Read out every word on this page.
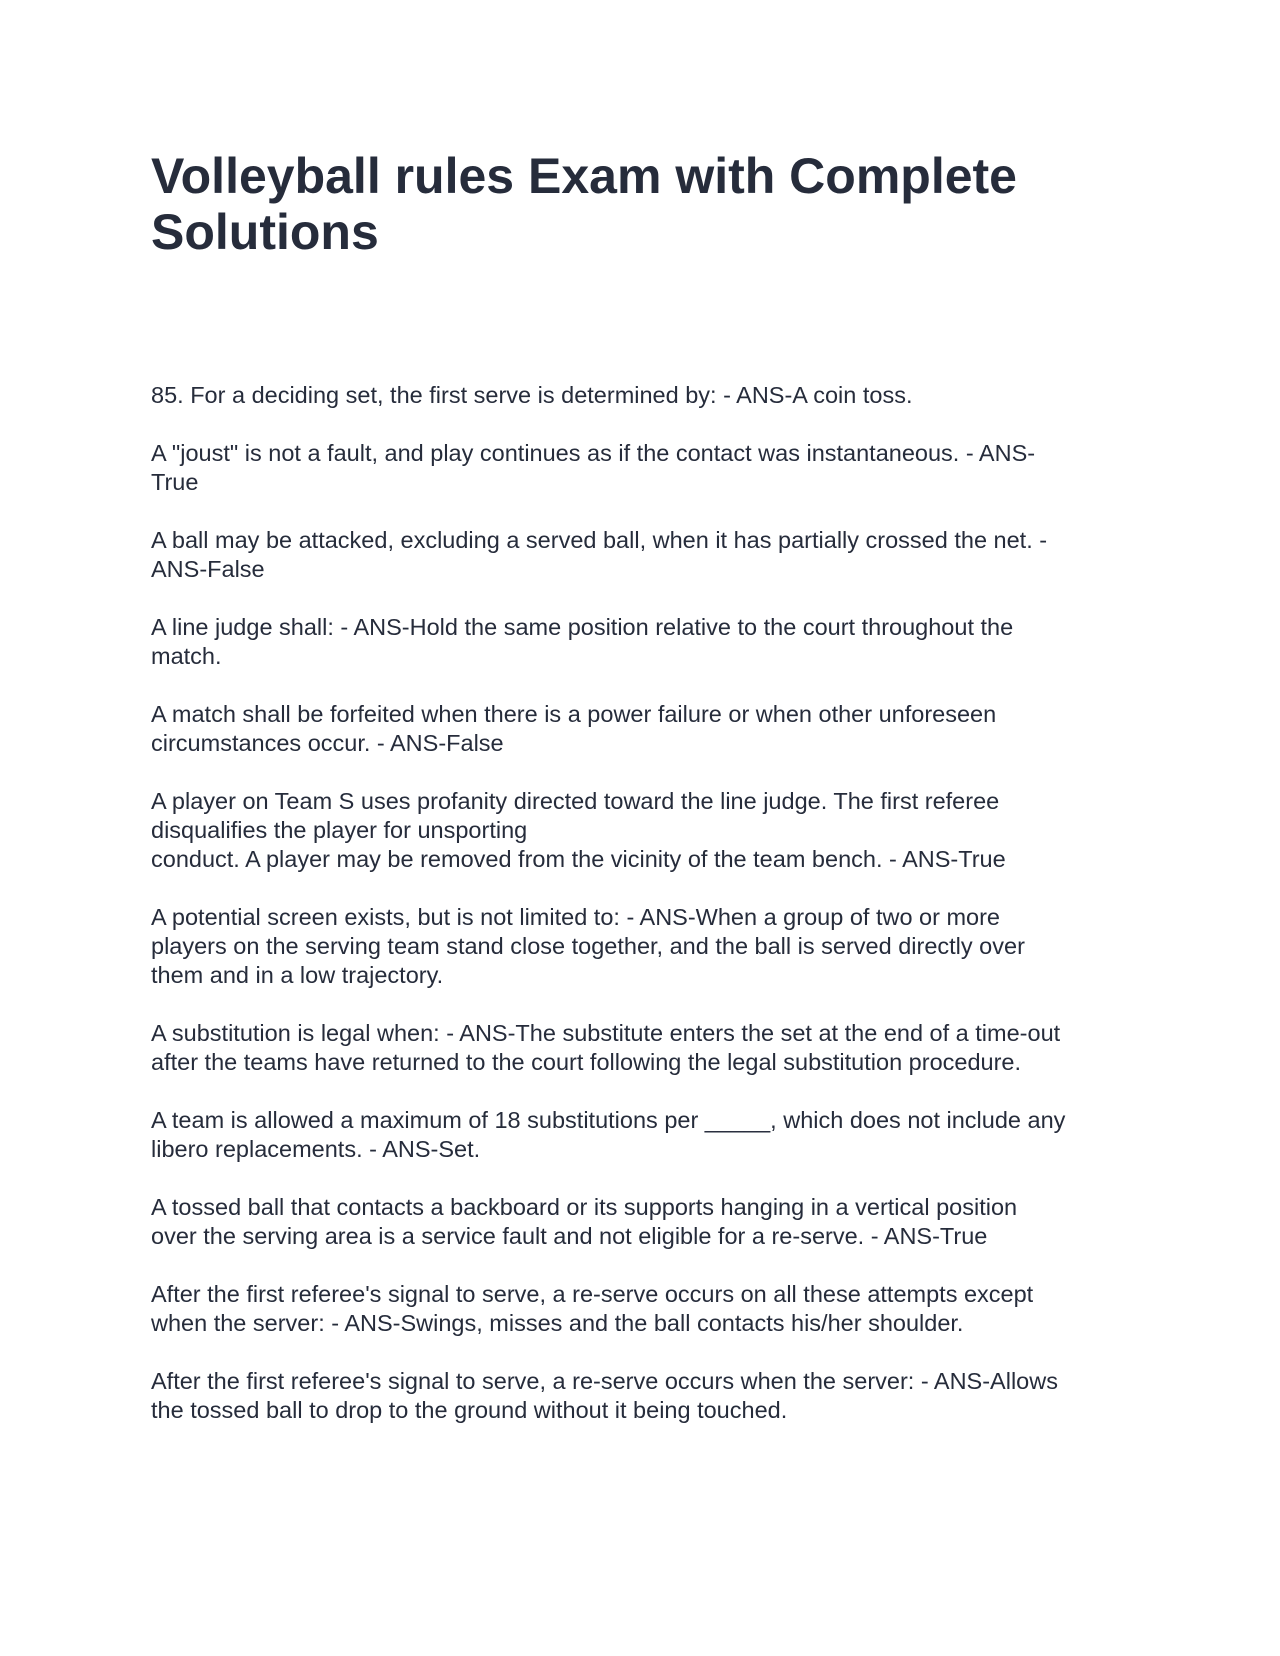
Volleyball rules Exam with Complete Solutions
85. For a deciding set, the first serve is determined by: - ANS-A coin toss.
A "joust" is not a fault, and play continues as if the contact was instantaneous. - ANS-
True
A ball may be attacked, excluding a served ball, when it has partially crossed the net. -
ANS-False
A line judge shall: - ANS-Hold the same position relative to the court throughout the
match.
A match shall be forfeited when there is a power failure or when other unforeseen
circumstances occur. - ANS-False
A player on Team S uses profanity directed toward the line judge. The first referee
disqualifies the player for unsporting
conduct. A player may be removed from the vicinity of the team bench. - ANS-True
A potential screen exists, but is not limited to: - ANS-When a group of two or more
players on the serving team stand close together, and the ball is served directly over
them and in a low trajectory.
A substitution is legal when: - ANS-The substitute enters the set at the end of a time-out
after the teams have returned to the court following the legal substitution procedure.
A team is allowed a maximum of 18 substitutions per _____, which does not include any
libero replacements. - ANS-Set.
A tossed ball that contacts a backboard or its supports hanging in a vertical position
over the serving area is a service fault and not eligible for a re-serve. - ANS-True
After the first referee's signal to serve, a re-serve occurs on all these attempts except
when the server: - ANS-Swings, misses and the ball contacts his/her shoulder.
After the first referee's signal to serve, a re-serve occurs when the server: - ANS-Allows
the tossed ball to drop to the ground without it being touched.
